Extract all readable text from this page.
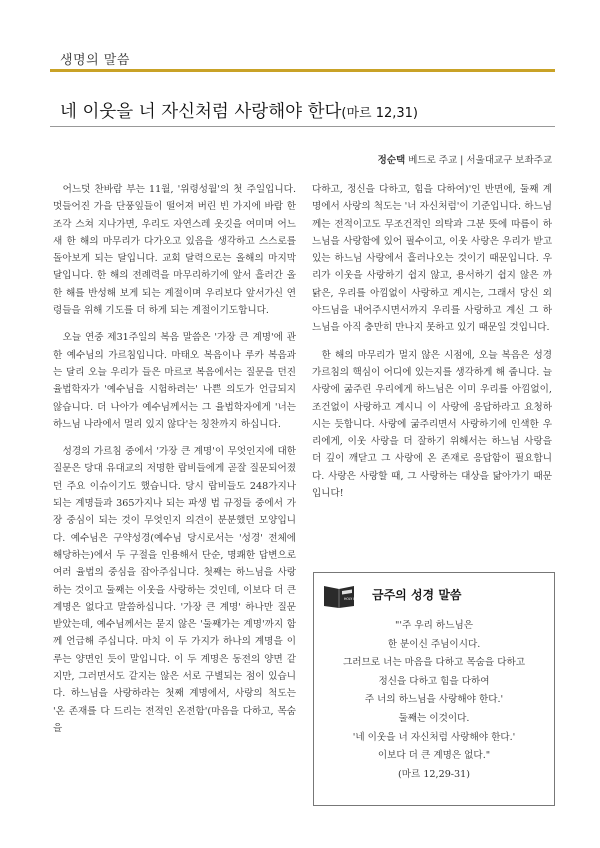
생명의 말씀
네 이웃을 너 자신처럼 사랑해야 한다(마르 12,31)
정순택 베드로 주교 | 서울대교구 보좌주교

어느덧 찬바람 부는 11월, '위령성월'의 첫 주일입니다. 멋들어진 가을 단풍잎들이 떨어져 버린 빈 가지에 바람 한 조각 스쳐 지나가면, 우리도 자연스레 옷깃을 여미며 어느새 한 해의 마무리가 다가오고 있음을 생각하고 스스로를 돌아보게 되는 달입니다. 교회 달력으로는 올해의 마지막 달입니다. 한 해의 전례력을 마무리하기에 앞서 흘러간 올 한 해를 반성해 보게 되는 계절이며 우리보다 앞서가신 연령들을 위해 기도를 더 하게 되는 계절이기도합니다.

오늘 연중 제31주일의 복음 말씀은 '가장 큰 계명'에 관한 예수님의 가르침입니다. 마태오 복음이나 루카 복음과는 달리 오늘 우리가 들은 마르코 복음에서는 질문을 던진 율법학자가 '예수님을 시험하려는' 나쁜 의도가 언급되지 않습니다. 더 나아가 예수님께서는 그 율법학자에게 '너는 하느님 나라에서 멀리 있지 않다'는 칭찬까지 하십니다.

성경의 가르침 중에서 '가장 큰 계명'이 무엇인지에 대한질문은 당대 유대교의 저명한 랍비들에게 곧잘 질문되어졌던 주요 이슈이기도 했습니다. 당시 랍비들도 248가지나 되는 계명들과 365가지나 되는 파생 법 규정들 중에서 가장 중심이 되는 것이 무엇인지 의견이 분분했던 모양입니다. 예수님은 구약성경(예수님 당시로서는 '성경' 전체에 해당하는)에서 두 구절을 인용해서 단순, 명쾌한 답변으로 여러 율법의 중심을 잡아주십니다. 첫째는 하느님을 사랑하는 것이고 둘째는 이웃을 사랑하는 것인데, 이보다 더 큰 계명은 없다고 말씀하십니다. '가장 큰 계명' 하나만 질문 받았는데, 예수님께서는 묻지 않은 '둘째가는 계명'까지 함께 언급해 주십니다. 마치 이 두 가지가 하나의 계명을 이루는 양면인 듯이 말입니다. 이 두 계명은 동전의 양면 같지만, 그러면서도 같지는 않은 서로 구별되는 점이 있습니다. 하느님을 사랑하라는 첫째 계명에서, 사랑의 척도는 '온 존재를 다 드리는 전적인 온전함'(마음을 다하고, 목숨을

다하고, 정신을 다하고, 힘을 다하여)'인 반면에, 둘째 계명에서 사랑의 척도는 '너 자신처럼'이 기준입니다. 하느님께는 전적이고도 무조건적인 의탁과 그분 뜻에 따름이 하느님을 사랑함에 있어 필수이고, 이웃 사랑은 우리가 받고 있는 하느님 사랑에서 흘러나오는 것이기 때문입니다. 우리가 이웃을 사랑하기 쉽지 않고, 용서하기 쉽지 않은 까닭은, 우리를 아낌없이 사랑하고 계시는, 그래서 당신 외아드님을 내어주시면서까지 우리를 사랑하고 계신 그 하느님을 아직 충만히 만나지 못하고 있기 때문일 것입니다.

한 해의 마무리가 멀지 않은 시점에, 오늘 복음은 성경 가르침의 핵심이 어디에 있는지를 생각하게 해 줍니다. 늘 사랑에 굶주린 우리에게 하느님은 이미 우리를 아낌없이, 조건없이 사랑하고 계시니 이 사랑에 응답하라고 요청하시는 듯합니다. 사랑에 굶주리면서 사랑하기에 인색한 우리에게, 이웃 사랑을 더 잘하기 위해서는 하느님 사랑을 더 깊이 깨닫고 그 사랑에 온 존재로 응답함이 필요합니다. 사랑은 사랑할 때, 그 사랑하는 대상을 닮아가기 때문입니다!

HOLY BIBLE 금주의 성경 말씀
"'주 우리 하느님은
한 분이신 주님이시다.
그러므로 너는 마음을 다하고 목숨을 다하고
정신을 다하고 힘을 다하여
주 너의 하느님을 사랑해야 한다.'
둘째는 이것이다.
'네 이웃을 너 자신처럼 사랑해야 한다.'
이보다 더 큰 계명은 없다."
(마르 12,29-31)
